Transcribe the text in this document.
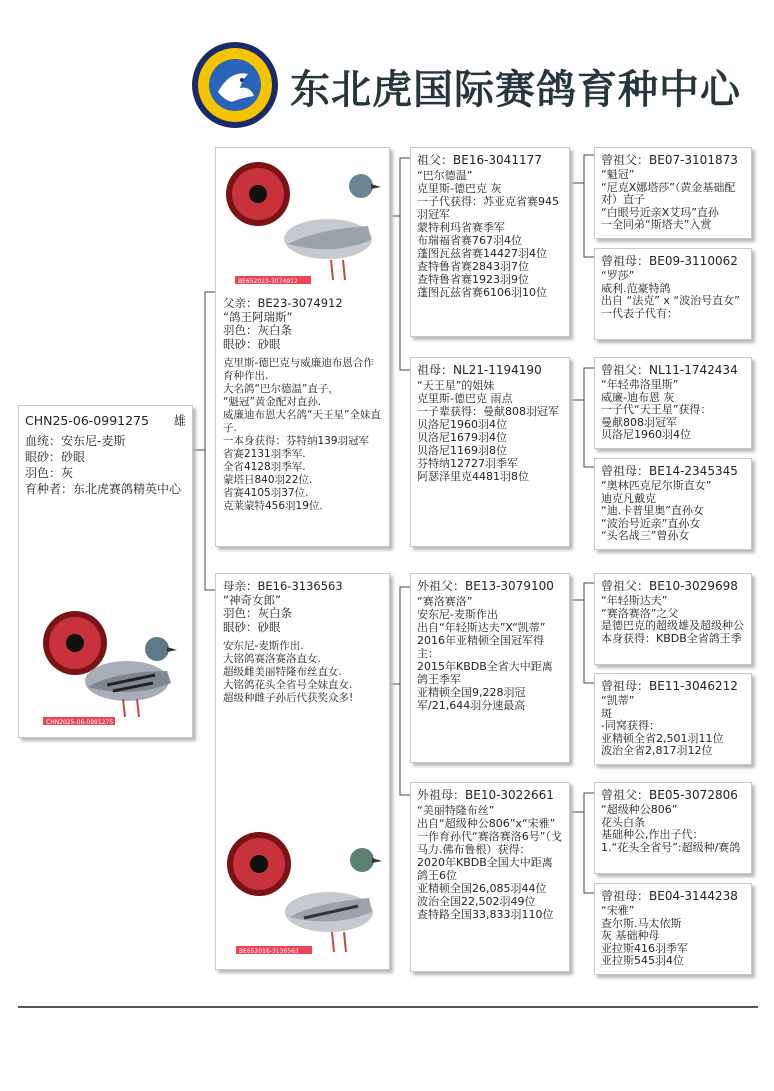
东北虎国际赛鸽育种中心
CHN25-06-0991275 雄
血统：安东尼-麦斯
眼砂：砂眼
羽色：灰
育种者：东北虎赛鸽精英中心
CHN2025-06-0991275
BE652023-3074912
父亲：BE23-3074912
“鸽王阿瑞斯”
羽色：灰白条
眼砂：砂眼
克里斯-德巴克与威廉迪布恩合作育种作出.
大名鸽“巴尔德温”直子，
“魁冠”黄金配对直孙.
威廉迪布恩大名鸽“天王星”全妹直子.
一本身获得：芬特纳139羽冠军
省赛2131羽季军.
全省4128羽季军.
蒙塔日840羽22位.
省赛4105羽37位.
克莱蒙特456羽19位.
母亲：BE16-3136563
“神奇女郎”
羽色：灰白条
眼砂：砂眼
安东尼-麦斯作出.
大铭鸽赛洛赛洛直女.
超级雌美丽特隆布丝直女.
大铭鸽花头全省号全妹直女.
超级种雌子孙后代获奖众多!
BE652016-3136563
祖父：BE16-3041177
“巴尔德温”
克里斯-德巴克 灰
一子代获得：苏亚克省赛945羽冠军
蒙特利玛省赛季军
布瑞福省赛767羽4位
蓬图瓦兹省赛14427羽4位
查特鲁省赛2843羽7位
查特鲁省赛1923羽9位
蓬图瓦兹省赛6106羽10位
祖母：NL21-1194190
“天王星”的姐妹
克里斯-德巴克 雨点
一子辈获得：曼献808羽冠军
贝洛尼1960羽4位
贝洛尼1679羽4位
贝洛尼1169羽8位
芬特纳12727羽季军
阿瑟泽里克4481羽8位
外祖父：BE13-3079100
“赛洛赛洛”
安东尼-麦斯作出
出自“年轻斯达夫”X“凯蒂”
2016年亚精顿全国冠军得主：
2015年KBDB全省大中距离鸽王季军
亚精顿全国9,228羽冠
军/21,644羽分速最高
外祖母：BE10-3022661
“美丽特隆布丝”
出自“超级种公806”x“宋雅”
一作育孙代“赛洛赛洛6号”（戈马力.佛布鲁根）获得：
2020年KBDB全国大中距离鸽王6位
亚精顿全国26,085羽44位
波治全国22,502羽49位
查特路全国33,833羽110位
曾祖父：BE07-3101873
“魁冠”
“尼克X娜塔莎”（黄金基础配对）直子
“白眼号近亲X艾玛”直孙
一全同弟“斯塔夫”入赏
曾祖母：BE09-3110062
“罗莎”
威利.范豪特鸽
出自 “法克” x “波治号直女”
一代表子代有：
曾祖父：NL11-1742434
“年轻弗洛里斯”
威廉-迪布恩 灰
一子代“天王星”获得：
曼献808羽冠军
贝洛尼1960羽4位
曾祖母：BE14-2345345
“奥林匹克尼尔斯直女”
迪克凡戴克
“迪.卡普里奥”直孙女
“波治号近亲”直孙女
“头名战三”曾孙女
曾祖父：BE10-3029698
“年轻斯达夫”
“赛洛赛洛”之父
是德巴克的超级雄及超级种公
本身获得：KBDB全省鸽王季
曾祖母：BE11-3046212
“凯蒂”
斑
-同窝获得：
亚精顿全省2,501羽11位
波治全省2,817羽12位
曾祖父：BE05-3072806
“超级种公806”
花头白条
基础种公,作出子代：
1.“花头全省号”:超级种/赛鸽
曾祖母：BE04-3144238
“宋雅”
查尔斯.马太依斯
灰 基础种母
亚拉斯416羽季军
亚拉斯545羽4位
